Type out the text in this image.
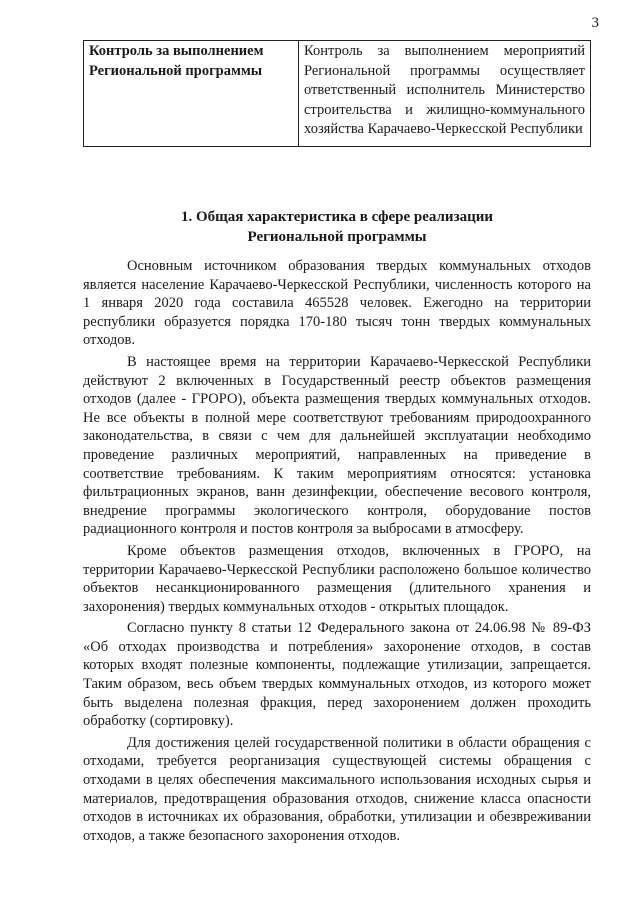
3
Контроль за выполнением Региональной программы	Контроль за выполнением мероприятий Региональной программы осуществляет ответственный исполнитель Министерство строительства и жилищно-коммунального хозяйства Карачаево-Черкесской Республики
1. Общая характеристика в сфере реализации
Региональной программы

Основным источником образования твердых коммунальных отходов является население Карачаево-Черкесской Республики, численность которого на 1 января 2020 года составила 465528 человек. Ежегодно на территории республики образуется порядка 170-180 тысяч тонн твердых коммунальных отходов.

В настоящее время на территории Карачаево-Черкесской Республики действуют 2 включенных в Государственный реестр объектов размещения отходов (далее - ГРОРО), объекта размещения твердых коммунальных отходов. Не все объекты в полной мере соответствуют требованиям природоохранного законодательства, в связи с чем для дальнейшей эксплуатации необходимо проведение различных мероприятий, направленных на приведение в соответствие требованиям. К таким мероприятиям относятся: установка фильтрационных экранов, ванн дезинфекции, обеспечение весового контроля, внедрение программы экологического контроля, оборудование постов радиационного контроля и постов контроля за выбросами в атмосферу.

Кроме объектов размещения отходов, включенных в ГРОРО, на территории Карачаево-Черкесской Республики расположено большое количество объектов несанкционированного размещения (длительного хранения и захоронения) твердых коммунальных отходов - открытых площадок.

Согласно пункту 8 статьи 12 Федерального закона от 24.06.98 № 89-ФЗ «Об отходах производства и потребления» захоронение отходов, в состав которых входят полезные компоненты, подлежащие утилизации, запрещается. Таким образом, весь объем твердых коммунальных отходов, из которого может быть выделена полезная фракция, перед захоронением должен проходить обработку (сортировку).

Для достижения целей государственной политики в области обращения с отходами, требуется реорганизация существующей системы обращения с отходами в целях обеспечения максимального использования исходных сырья и материалов, предотвращения образования отходов, снижение класса опасности отходов в источниках их образования, обработки, утилизации и обезвреживании отходов, а также безопасного захоронения отходов.
